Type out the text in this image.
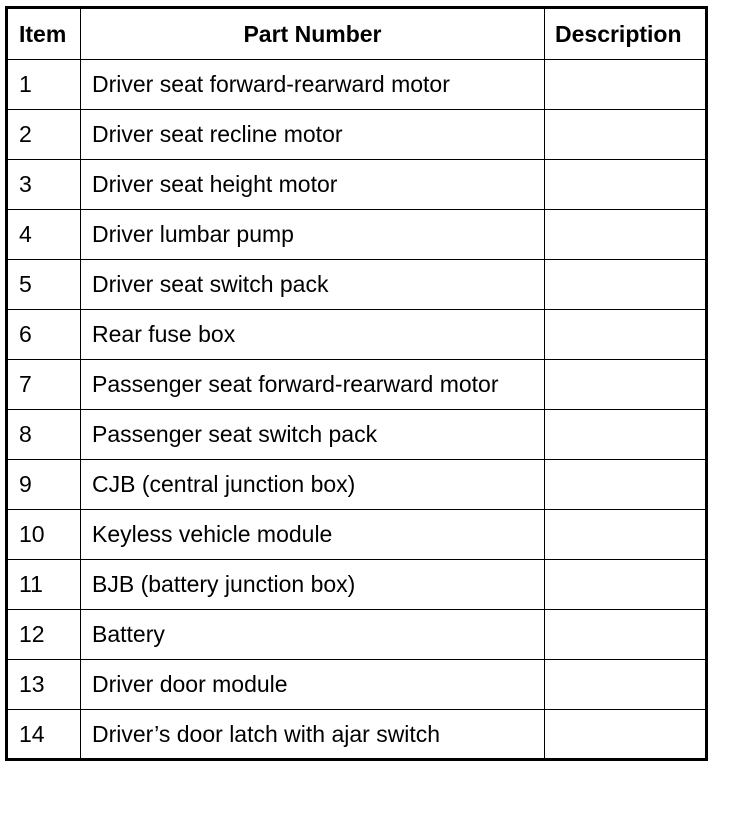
Item	Part Number	Description
1	Driver seat forward-rearward motor	
2	Driver seat recline motor	
3	Driver seat height motor	
4	Driver lumbar pump	
5	Driver seat switch pack	
6	Rear fuse box	
7	Passenger seat forward-rearward motor	
8	Passenger seat switch pack	
9	CJB (central junction box)	
10	Keyless vehicle module	
11	BJB (battery junction box)	
12	Battery	
13	Driver door module	
14	Driver’s door latch with ajar switch	
